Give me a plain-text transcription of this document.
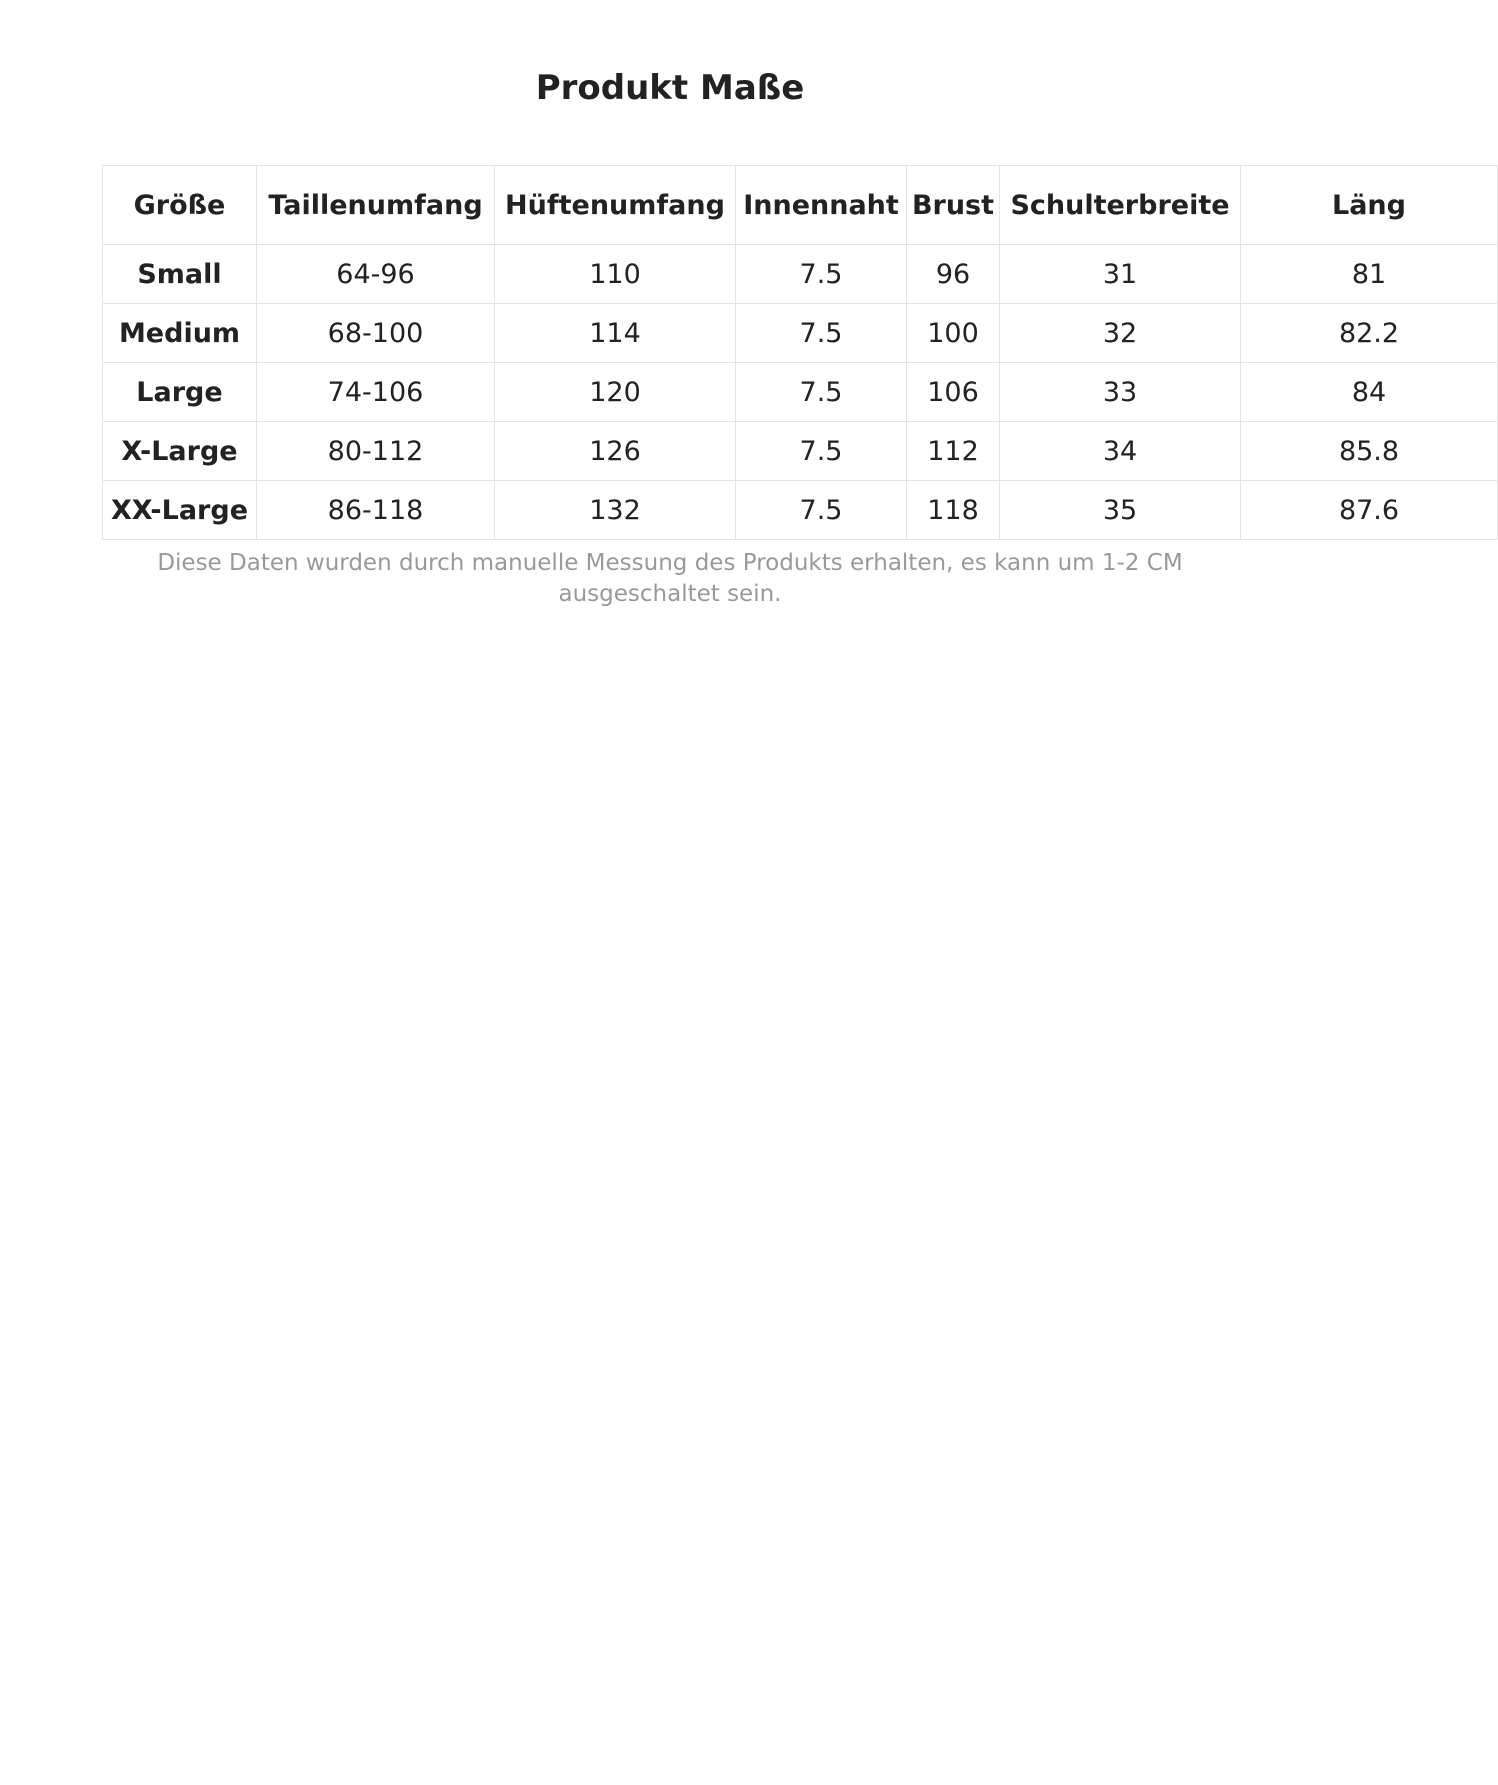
Produkt Maße
Größe	Taillenumfang	Hüftenumfang	Innennaht	Brust	Schulterbreite	Läng
Small	64-96	110	7.5	96	31	81
Medium	68-100	114	7.5	100	32	82.2
Large	74-106	120	7.5	106	33	84
X-Large	80-112	126	7.5	112	34	85.8
XX-Large	86-118	132	7.5	118	35	87.6

Diese Daten wurden durch manuelle Messung des Produkts erhalten, es kann um 1-2 CM ausgeschaltet sein.
